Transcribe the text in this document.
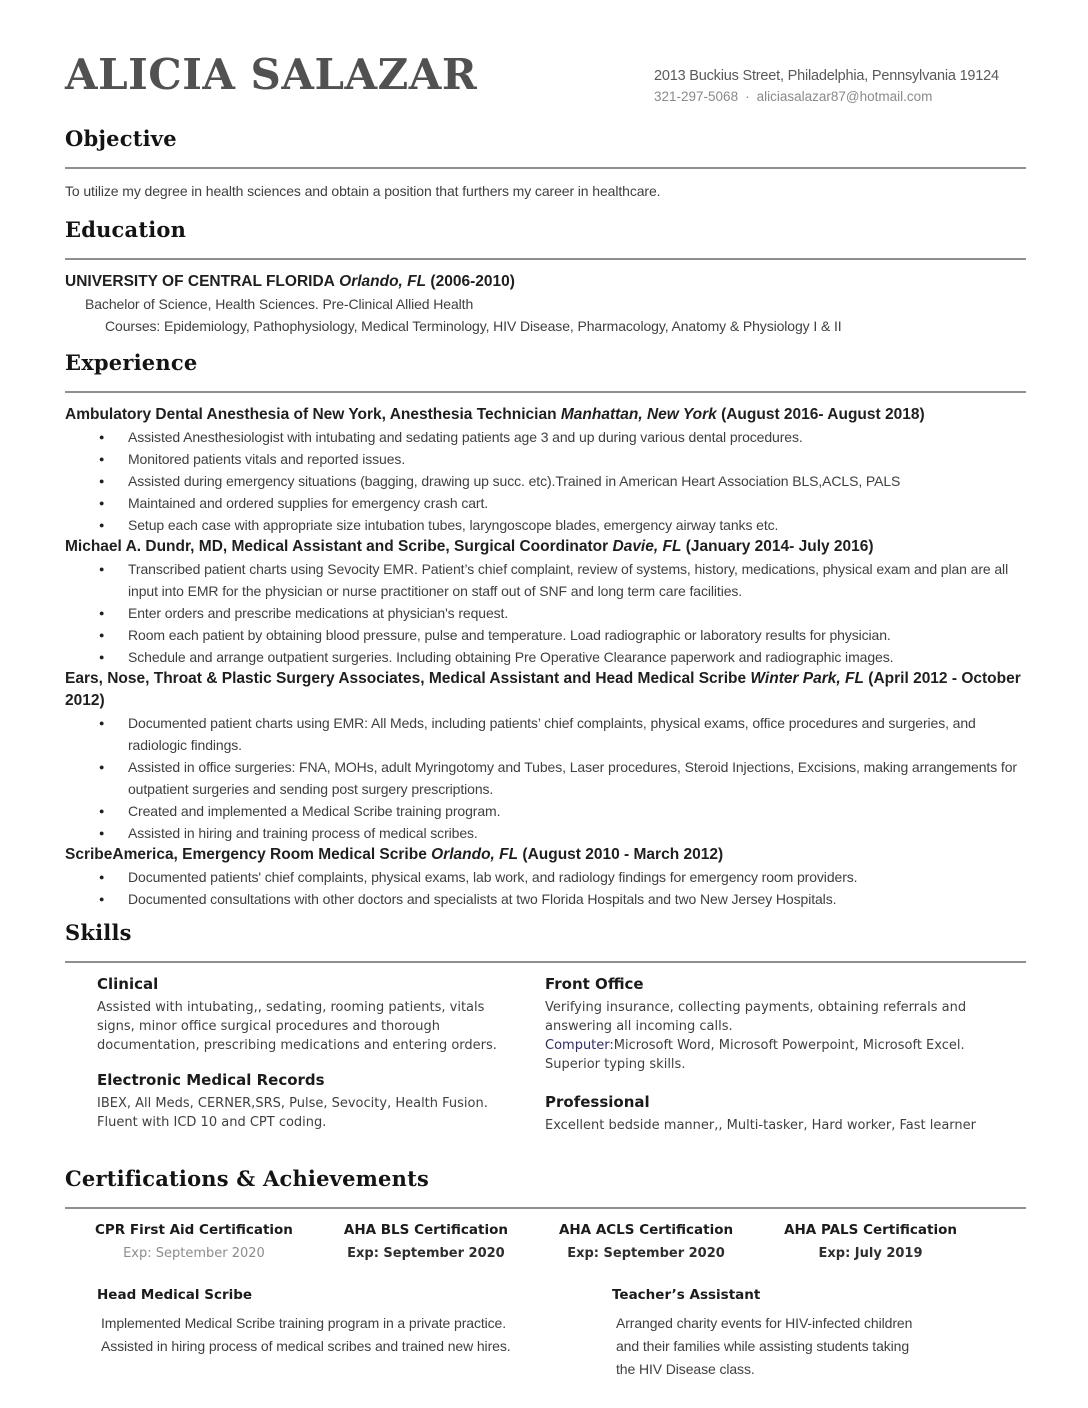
ALICIA SALAZAR	2013 Buckius Street, Philadelphia, Pennsylvania 19124
321-297-5068 · aliciasalazar87@hotmail.com
Objective
To utilize my degree in health sciences and obtain a position that furthers my career in healthcare.
Education
UNIVERSITY OF CENTRAL FLORIDA Orlando, FL (2006-2010)
Bachelor of Science, Health Sciences. Pre-Clinical Allied Health
Courses: Epidemiology, Pathophysiology, Medical Terminology, HIV Disease, Pharmacology, Anatomy & Physiology I & II
Experience
Ambulatory Dental Anesthesia of New York, Anesthesia Technician Manhattan, New York (August 2016- August 2018)
● Assisted Anesthesiologist with intubating and sedating patients age 3 and up during various dental procedures.
● Monitored patients vitals and reported issues.
● Assisted during emergency situations (bagging, drawing up succ. etc).Trained in American Heart Association BLS,ACLS, PALS
● Maintained and ordered supplies for emergency crash cart.
● Setup each case with appropriate size intubation tubes, laryngoscope blades, emergency airway tanks etc.
Michael A. Dundr, MD, Medical Assistant and Scribe, Surgical Coordinator Davie, FL (January 2014- July 2016)
● Transcribed patient charts using Sevocity EMR. Patient’s chief complaint, review of systems, history, medications, physical exam and plan are all input into EMR for the physician or nurse practitioner on staff out of SNF and long term care facilities.
● Enter orders and prescribe medications at physician's request.
● Room each patient by obtaining blood pressure, pulse and temperature. Load radiographic or laboratory results for physician.
● Schedule and arrange outpatient surgeries. Including obtaining Pre Operative Clearance paperwork and radiographic images.
Ears, Nose, Throat & Plastic Surgery Associates, Medical Assistant and Head Medical Scribe Winter Park, FL (April 2012 - October 2012)
● Documented patient charts using EMR: All Meds, including patients’ chief complaints, physical exams, office procedures and surgeries, and radiologic findings.
● Assisted in office surgeries: FNA, MOHs, adult Myringotomy and Tubes, Laser procedures, Steroid Injections, Excisions, making arrangements for outpatient surgeries and sending post surgery prescriptions.
● Created and implemented a Medical Scribe training program.
● Assisted in hiring and training process of medical scribes.
ScribeAmerica, Emergency Room Medical Scribe Orlando, FL (August 2010 - March 2012)
● Documented patients' chief complaints, physical exams, lab work, and radiology findings for emergency room providers.
● Documented consultations with other doctors and specialists at two Florida Hospitals and two New Jersey Hospitals.
Skills
Clinical
Assisted with intubating,, sedating, rooming patients, vitals signs, minor office surgical procedures and thorough documentation, prescribing medications and entering orders.
Electronic Medical Records
IBEX, All Meds, CERNER,SRS, Pulse, Sevocity, Health Fusion. Fluent with ICD 10 and CPT coding.
Front Office
Verifying insurance, collecting payments, obtaining referrals and answering all incoming calls.
Computer:Microsoft Word, Microsoft Powerpoint, Microsoft Excel. Superior typing skills.
Professional
Excellent bedside manner,, Multi-tasker, Hard worker, Fast learner
Certifications & Achievements
CPR First Aid Certification
Exp: September 2020
AHA BLS Certification
Exp: September 2020
AHA ACLS Certification
Exp: September 2020
AHA PALS Certification
Exp: July 2019
Head Medical Scribe
Implemented Medical Scribe training program in a private practice.
Assisted in hiring process of medical scribes and trained new hires.
Teacher’s Assistant
Arranged charity events for HIV-infected children
and their families while assisting students taking
the HIV Disease class.
